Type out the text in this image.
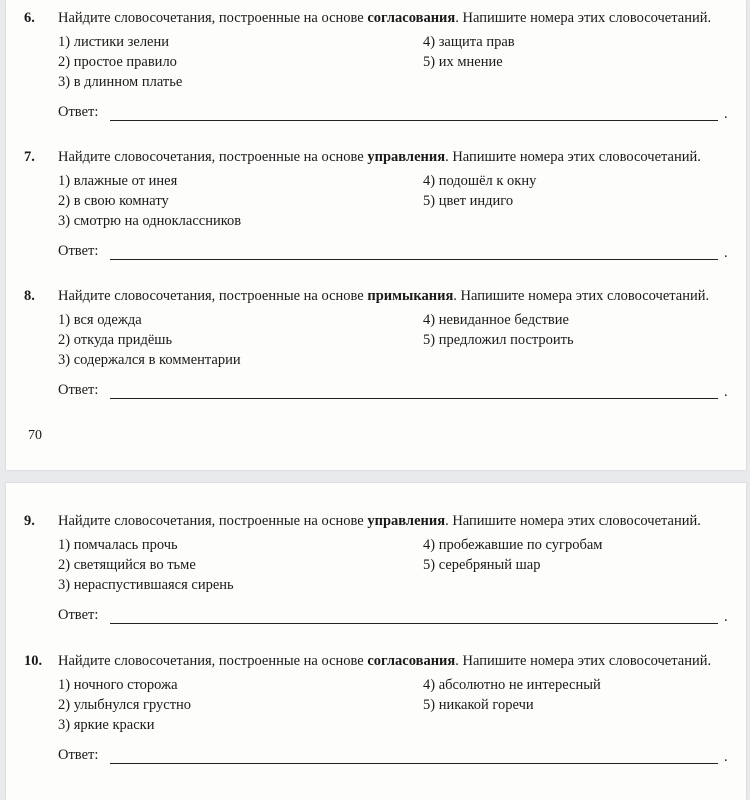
6. Найдите словосочетания, построенные на основе согласования. Напишите номера этих словосочетаний.
1) листики зелени
2) простое правило
3) в длинном платье
4) защита прав
5) их мнение
Ответ:	.
7. Найдите словосочетания, построенные на основе управления. Напишите номера этих словосочетаний.
1) влажные от инея
2) в свою комнату
3) смотрю на одноклассников
4) подошёл к окну
5) цвет индиго
Ответ:	.
8. Найдите словосочетания, построенные на основе примыкания. Напишите номера этих словосочетаний.
1) вся одежда
2) откуда придёшь
3) содержался в комментарии
4) невиданное бедствие
5) предложил построить
Ответ:	.
70
9. Найдите словосочетания, построенные на основе управления. Напишите номера этих словосочетаний.
1) помчалась прочь
2) светящийся во тьме
3) нераспустившаяся сирень
4) пробежавшие по сугробам
5) серебряный шар
Ответ:	.
10. Найдите словосочетания, построенные на основе согласования. Напишите номера этих словосочетаний.
1) ночного сторожа
2) улыбнулся грустно
3) яркие краски
4) абсолютно не интересный
5) никакой горечи
Ответ:	.
